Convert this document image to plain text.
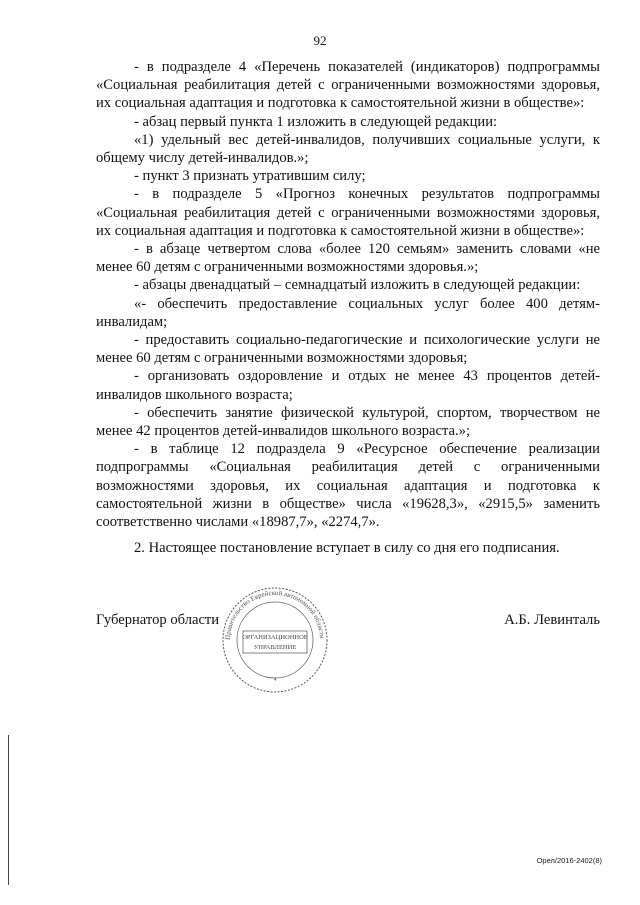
92

- в подразделе 4 «Перечень показателей (индикаторов) подпрограммы «Социальная реабилитация детей с ограниченными возможностями здоровья, их социальная адаптация и подготовка к самостоятельной жизни в обществе»:

- абзац первый пункта 1 изложить в следующей редакции:

«1) удельный вес детей-инвалидов, получивших социальные услуги, к общему числу детей-инвалидов.»;

- пункт 3 признать утратившим силу;

- в подразделе 5 «Прогноз конечных результатов подпрограммы «Социальная реабилитация детей с ограниченными возможностями здоровья, их социальная адаптация и подготовка к самостоятельной жизни в обществе»:

- в абзаце четвертом слова «более 120 семьям» заменить словами «не менее 60 детям с ограниченными возможностями здоровья.»;

- абзацы двенадцатый – семнадцатый изложить в следующей редакции:

«- обеспечить предоставление социальных услуг более 400 детям-инвалидам;

- предоставить социально-педагогические и психологические услуги не менее 60 детям с ограниченными возможностями здоровья;

- организовать оздоровление и отдых не менее 43 процентов детей-инвалидов школьного возраста;

- обеспечить занятие физической культурой, спортом, творчеством не менее 42 процентов детей-инвалидов школьного возраста.»;

- в таблице 12 подраздела 9 «Ресурсное обеспечение реализации подпрограммы «Социальная реабилитация детей с ограниченными возможностями здоровья, их социальная адаптация и подготовка к самостоятельной жизни в обществе» числа «19628,3», «2915,5» заменить соответственно числами «18987,7», «2274,7».

2. Настоящее постановление вступает в силу со дня его подписания.

Губернатор области	А.Б. Левинталь
Правительство Еврейской автономной области
ОРГАНИЗАЦИОННОЕ
УПРАВЛЕНИЕ
4
Орел/2016-2402(8)
